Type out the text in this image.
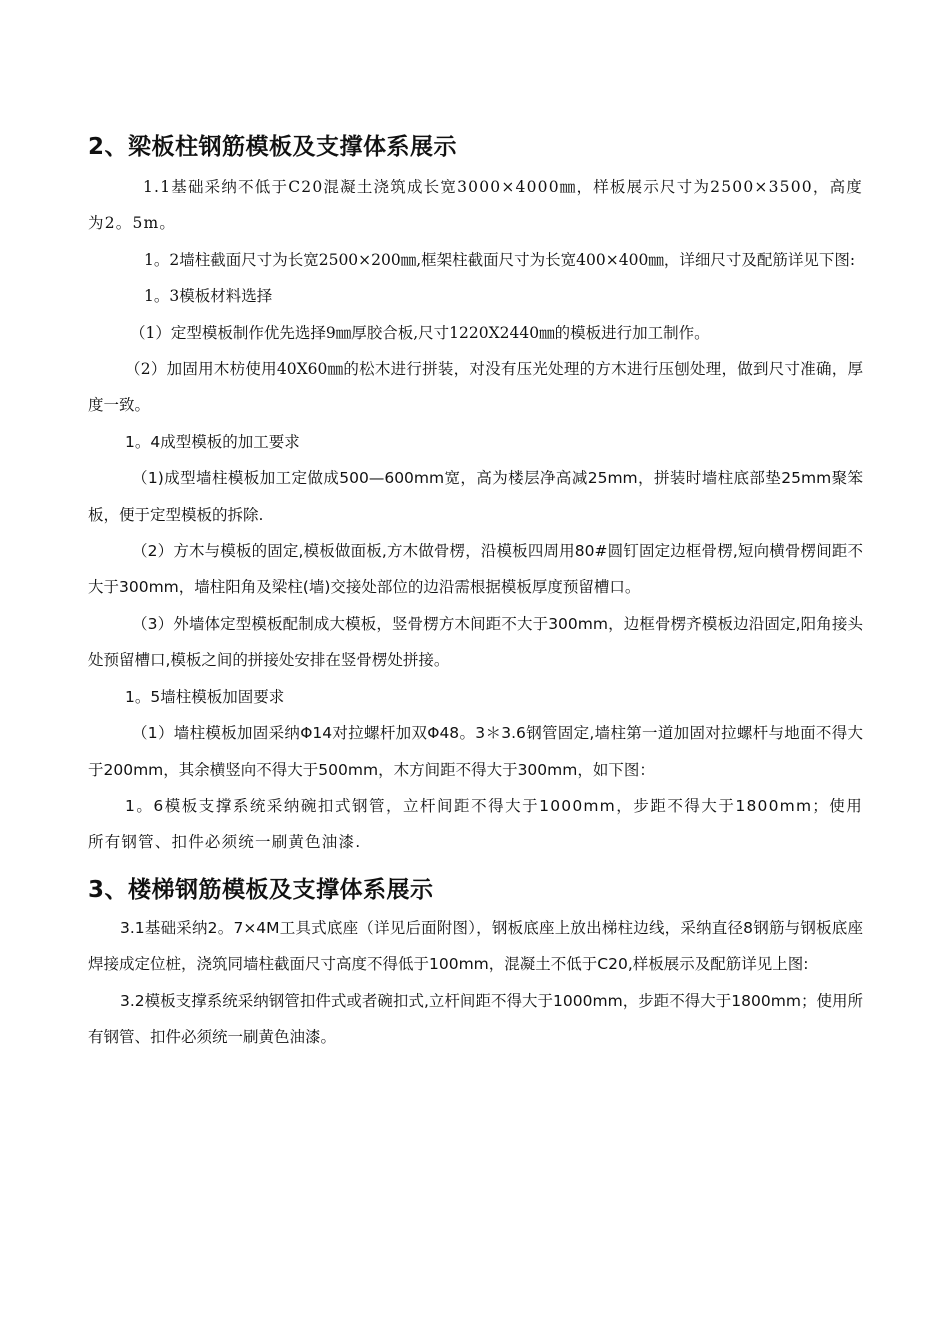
2、梁板柱钢筋模板及支撑体系展示

1.1基础采纳不低于C20混凝土浇筑成长宽3000×4000㎜，样板展示尺寸为2500×3500，高度为2。5m。

1。2墙柱截面尺寸为长宽2500×200㎜,框架柱截面尺寸为长宽400×400㎜，详细尺寸及配筋详见下图:

1。3模板材料选择

（1）定型模板制作优先选择9㎜厚胶合板,尺寸1220X2440㎜的模板进行加工制作。

（2）加固用木枋使用40X60㎜的松木进行拼装，对没有压光处理的方木进行压刨处理，做到尺寸准确，厚度一致。

1。4成型模板的加工要求

（1)成型墙柱模板加工定做成500—600mm宽，高为楼层净高减25mm，拼装时墙柱底部垫25mm聚笨板，便于定型模板的拆除.

（2）方木与模板的固定,模板做面板,方木做骨楞，沿模板四周用80#圆钉固定边框骨楞,短向横骨楞间距不大于300mm，墙柱阳角及梁柱(墙)交接处部位的边沿需根据模板厚度预留槽口。

（3）外墙体定型模板配制成大模板，竖骨楞方木间距不大于300mm，边框骨楞齐模板边沿固定,阳角接头处预留槽口,模板之间的拼接处安排在竖骨楞处拼接。

1。5墙柱模板加固要求

（1）墙柱模板加固采纳Φ14对拉螺杆加双Φ48。3＊3.6钢管固定,墙柱第一道加固对拉螺杆与地面不得大于200mm，其余横竖向不得大于500mm，木方间距不得大于300mm，如下图：

1。6模板支撑系统采纳碗扣式钢管，立杆间距不得大于1000mm，步距不得大于1800mm；使用所有钢管、扣件必须统一刷黄色油漆.

3、楼梯钢筋模板及支撑体系展示

3.1基础采纳2。7×4M工具式底座（详见后面附图），钢板底座上放出梯柱边线，采纳直径8钢筋与钢板底座焊接成定位桩，浇筑同墙柱截面尺寸高度不得低于100mm，混凝土不低于C20,样板展示及配筋详见上图:

3.2模板支撑系统采纳钢管扣件式或者碗扣式,立杆间距不得大于1000mm，步距不得大于1800mm；使用所有钢管、扣件必须统一刷黄色油漆。
